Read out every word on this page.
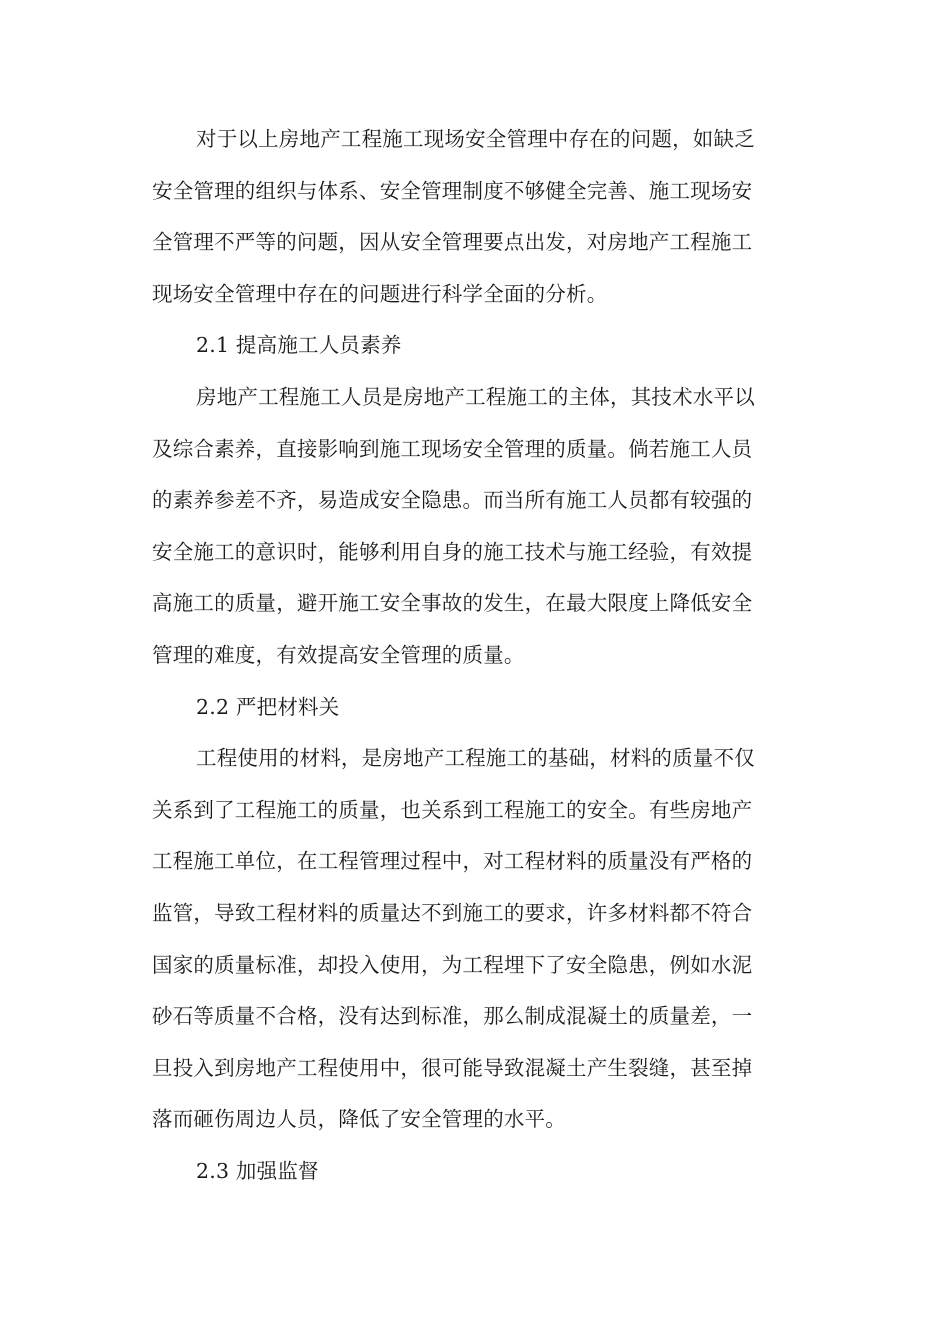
对于以上房地产工程施工现场安全管理中存在的问题，如缺乏
安全管理的组织与体系、安全管理制度不够健全完善、施工现场安
全管理不严等的问题，因从安全管理要点出发，对房地产工程施工
现场安全管理中存在的问题进行科学全面的分析。
2.1 提高施工人员素养
房地产工程施工人员是房地产工程施工的主体，其技术水平以
及综合素养，直接影响到施工现场安全管理的质量。倘若施工人员
的素养参差不齐，易造成安全隐患。而当所有施工人员都有较强的
安全施工的意识时，能够利用自身的施工技术与施工经验，有效提
高施工的质量，避开施工安全事故的发生，在最大限度上降低安全
管理的难度，有效提高安全管理的质量。
2.2 严把材料关
工程使用的材料，是房地产工程施工的基础，材料的质量不仅
关系到了工程施工的质量，也关系到工程施工的安全。有些房地产
工程施工单位，在工程管理过程中，对工程材料的质量没有严格的
监管，导致工程材料的质量达不到施工的要求，许多材料都不符合
国家的质量标准，却投入使用，为工程埋下了安全隐患，例如水泥
砂石等质量不合格，没有达到标准，那么制成混凝土的质量差，一
旦投入到房地产工程使用中，很可能导致混凝土产生裂缝，甚至掉
落而砸伤周边人员，降低了安全管理的水平。
2.3 加强监督
